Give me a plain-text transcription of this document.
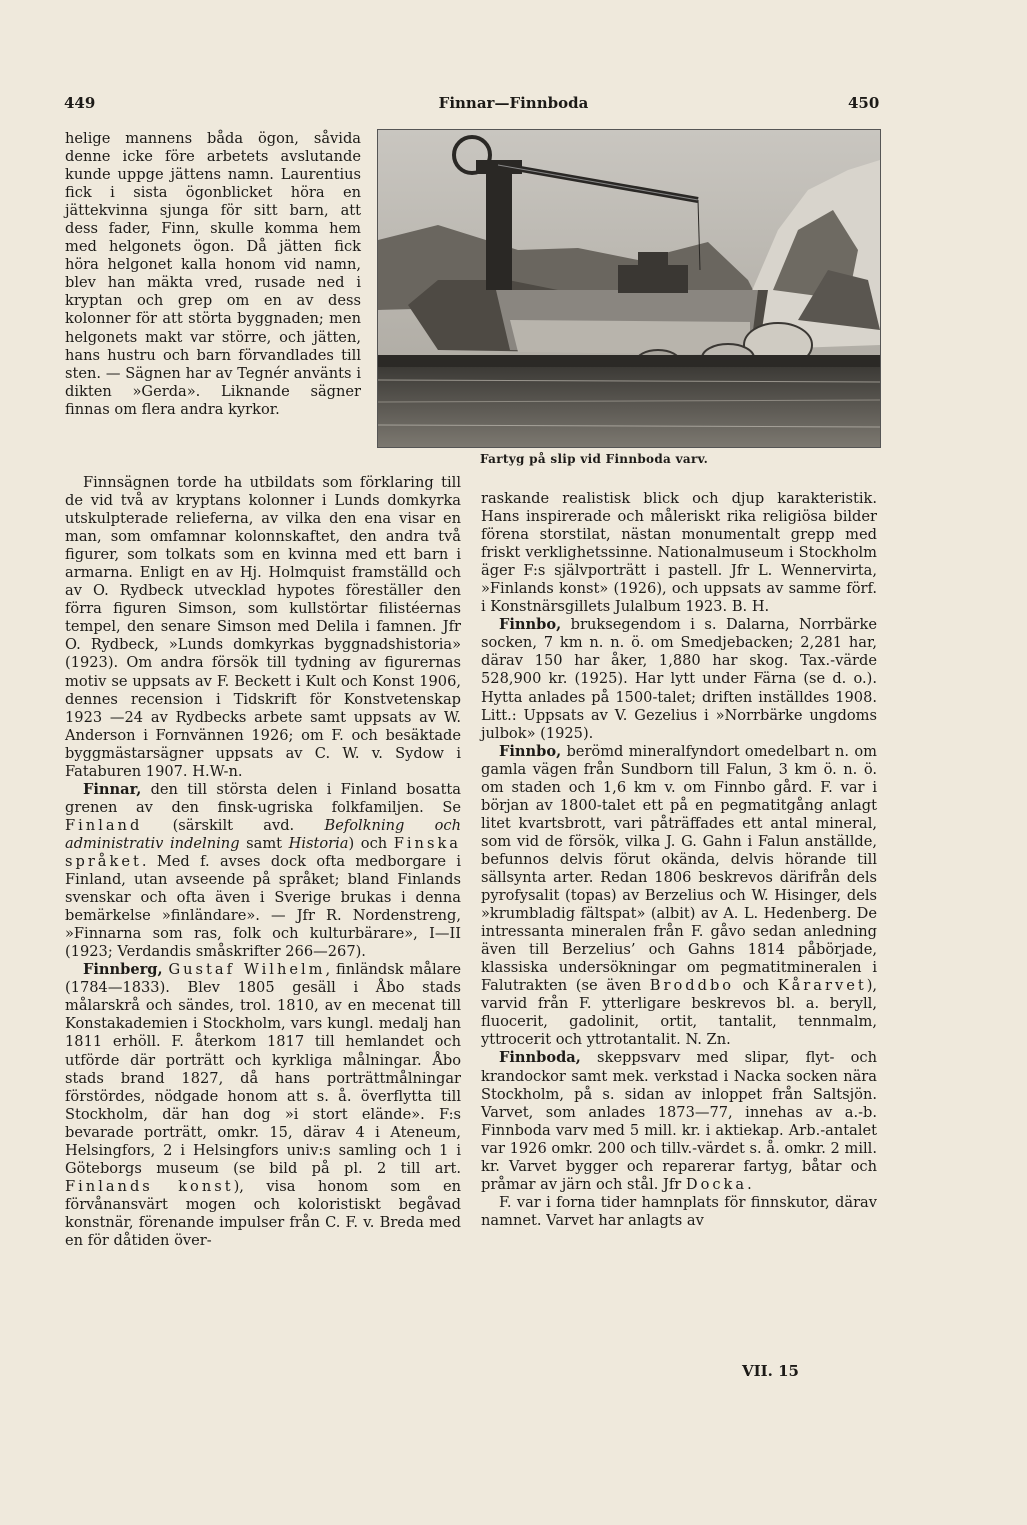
449	Finnar—Finnboda	450
Fartyg på slip vid Finnboda varv.

helige mannens båda ögon, såvida denne icke före arbetets avslutande kunde uppge jättens namn. Laurentius fick i sista ögonblicket höra en jättekvinna sjunga för sitt barn, att dess fader, Finn, skulle komma hem med helgonets ögon. Då jätten fick höra helgonet kalla honom vid namn, blev han mäkta vred, rusade ned i kryptan och grep om en av dess kolonner för att störta byggnaden; men helgonets makt var större, och jätten, hans hustru och barn förvandlades till sten. — Sägnen har av Tegnér använts i dikten »Gerda». Liknande sägner finnas om flera andra kyrkor.

Finnsägnen torde ha utbildats som förklaring till de vid två av kryptans kolonner i Lunds domkyrka utskulpterade relieferna, av vilka den ena visar en man, som omfamnar kolonnskaftet, den andra två figurer, som tolkats som en kvinna med ett barn i armarna. Enligt en av Hj. Holmquist framställd och av O. Rydbeck utvecklad hypotes föreställer den förra figuren Simson, som kullstörtar filistéernas tempel, den senare Simson med Delila i famnen. Jfr O. Rydbeck, »Lunds domkyrkas byggnadshistoria» (1923). Om andra försök till tydning av figurernas motiv se uppsats av F. Beckett i Kult och Konst 1906, dennes recension i Tidskrift för Konstvetenskap 1923 —24 av Rydbecks arbete samt uppsats av W. Anderson i Fornvännen 1926; om F. och besäktade byggmästarsägner uppsats av C. W. v. Sydow i Fataburen 1907. H.W-n.

Finnar, den till största delen i Finland bosatta grenen av den finsk-ugriska folkfamiljen. Se Finland (särskilt avd. Befolkning och administrativ indelning samt Historia) och Finska språket. Med f. avses dock ofta medborgare i Finland, utan avseende på språket; bland Finlands svenskar och ofta även i Sverige brukas i denna bemärkelse »finländare». — Jfr R. Nordenstreng, »Finnarna som ras, folk och kulturbärare», I—II (1923; Verdandis småskrifter 266—267).

Finnberg, Gustaf Wilhelm, finländsk målare (1784—1833). Blev 1805 gesäll i Åbo stads målarskrå och sändes, trol. 1810, av en mecenat till Konstakademien i Stockholm, vars kungl. medalj han 1811 erhöll. F. återkom 1817 till hemlandet och utförde där porträtt och kyrkliga målningar. Åbo stads brand 1827, då hans porträttmålningar förstördes, nödgade honom att s. å. överflytta till Stockholm, där han dog »i stort elände». F:s bevarade porträtt, omkr. 15, därav 4 i Ateneum, Helsingfors, 2 i Helsingfors univ:s samling och 1 i Göteborgs museum (se bild på pl. 2 till art. Finlands konst), visa honom som en förvånansvärt mogen och koloristiskt begåvad konstnär, förenande impulser från C. F. v. Breda med en för dåtiden över-

raskande realistisk blick och djup karakteristik. Hans inspirerade och måleriskt rika religiösa bilder förena storstilat, nästan monumentalt grepp med friskt verklighetssinne. Nationalmuseum i Stockholm äger F:s självporträtt i pastell. Jfr L. Wennervirta, »Finlands konst» (1926), och uppsats av samme förf. i Konstnärsgillets Julalbum 1923. B. H.

Finnbo, bruksegendom i s. Dalarna, Norrbärke socken, 7 km n. n. ö. om Smedjebacken; 2,281 har, därav 150 har åker, 1,880 har skog. Tax.-värde 528,900 kr. (1925). Har lytt under Färna (se d. o.). Hytta anlades på 1500-talet; driften inställdes 1908. Litt.: Uppsats av V. Gezelius i »Norrbärke ungdoms julbok» (1925).

Finnbo, berömd mineralfyndort omedelbart n. om gamla vägen från Sundborn till Falun, 3 km ö. n. ö. om staden och 1,6 km v. om Finnbo gård. F. var i början av 1800-talet ett på en pegmatitgång anlagt litet kvartsbrott, vari påträffades ett antal mineral, som vid de försök, vilka J. G. Gahn i Falun anställde, befunnos delvis förut okända, delvis hörande till sällsynta arter. Redan 1806 beskrevos därifrån dels pyrofysalit (topas) av Berzelius och W. Hisinger, dels »krumbladig fältspat» (albit) av A. L. Hedenberg. De intressanta mineralen från F. gåvo sedan anledning även till Berzelius’ och Gahns 1814 påbörjade, klassiska undersökningar om pegmatitmineralen i Falutrakten (se även Broddbo och Kårarvet), varvid från F. ytterligare beskrevos bl. a. beryll, fluocerit, gadolinit, ortit, tantalit, tennmalm, yttrocerit och yttrotantalit. N. Zn.

Finnboda, skeppsvarv med slipar, flyt- och krandockor samt mek. verkstad i Nacka socken nära Stockholm, på s. sidan av inloppet från Saltsjön. Varvet, som anlades 1873—77, innehas av a.-b. Finnboda varv med 5 mill. kr. i aktiekap. Arb.-antalet var 1926 omkr. 200 och tillv.-värdet s. å. omkr. 2 mill. kr. Varvet bygger och reparerar fartyg, båtar och pråmar av järn och stål. Jfr Docka.

F. var i forna tider hamnplats för finnskutor, därav namnet. Varvet har anlagts av

VII. 15
